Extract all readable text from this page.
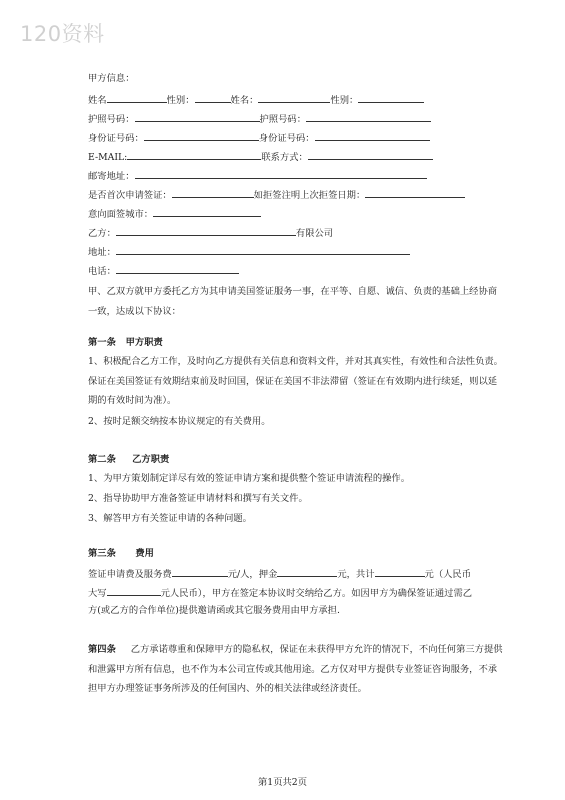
120资料
甲方信息：
姓名	性别：	姓名：	性别：
护照号码：	护照号码：
身份证号码：	身份证号码：
E-MAIL:	联系方式：
邮寄地址：
是否首次申请签证：	如拒签注明上次拒签日期：
意向面签城市：
乙方：	有限公司
地址：
电话：
甲、乙双方就甲方委托乙方为其申请美国签证服务一事，在平等、自愿、诚信、负责的基础上经协商一致，达成以下协议：
第一条 甲方职责
1、积极配合乙方工作，及时向乙方提供有关信息和资料文件，并对其真实性，有效性和合法性负责。保证在美国签证有效期结束前及时回国，保证在美国不非法滞留（签证在有效期内进行续延，则以延期的有效时间为准）。
2、按时足额交纳按本协议规定的有关费用。
第二条 乙方职责
1、为甲方策划制定详尽有效的签证申请方案和提供整个签证申请流程的操作。
2、指导协助甲方准备签证申请材料和撰写有关文件。
3、解答甲方有关签证申请的各种问题。
第三条 费用
签证申请费及服务费	元/人，押金	元，共计	元（人民币
大写	元人民币），甲方在签定本协议时交纳给乙方。如因甲方为确保签证通过需乙
方(或乙方的合作单位)提供邀请函或其它服务费用由甲方承担.
第四条 乙方承诺尊重和保障甲方的隐私权，保证在未获得甲方允许的情况下，不向任何第三方提供和泄露甲方所有信息，也不作为本公司宣传或其他用途。乙方仅对甲方提供专业签证咨询服务，不承担甲方办理签证事务所涉及的任何国内、外的相关法律或经济责任。
第1页共2页
